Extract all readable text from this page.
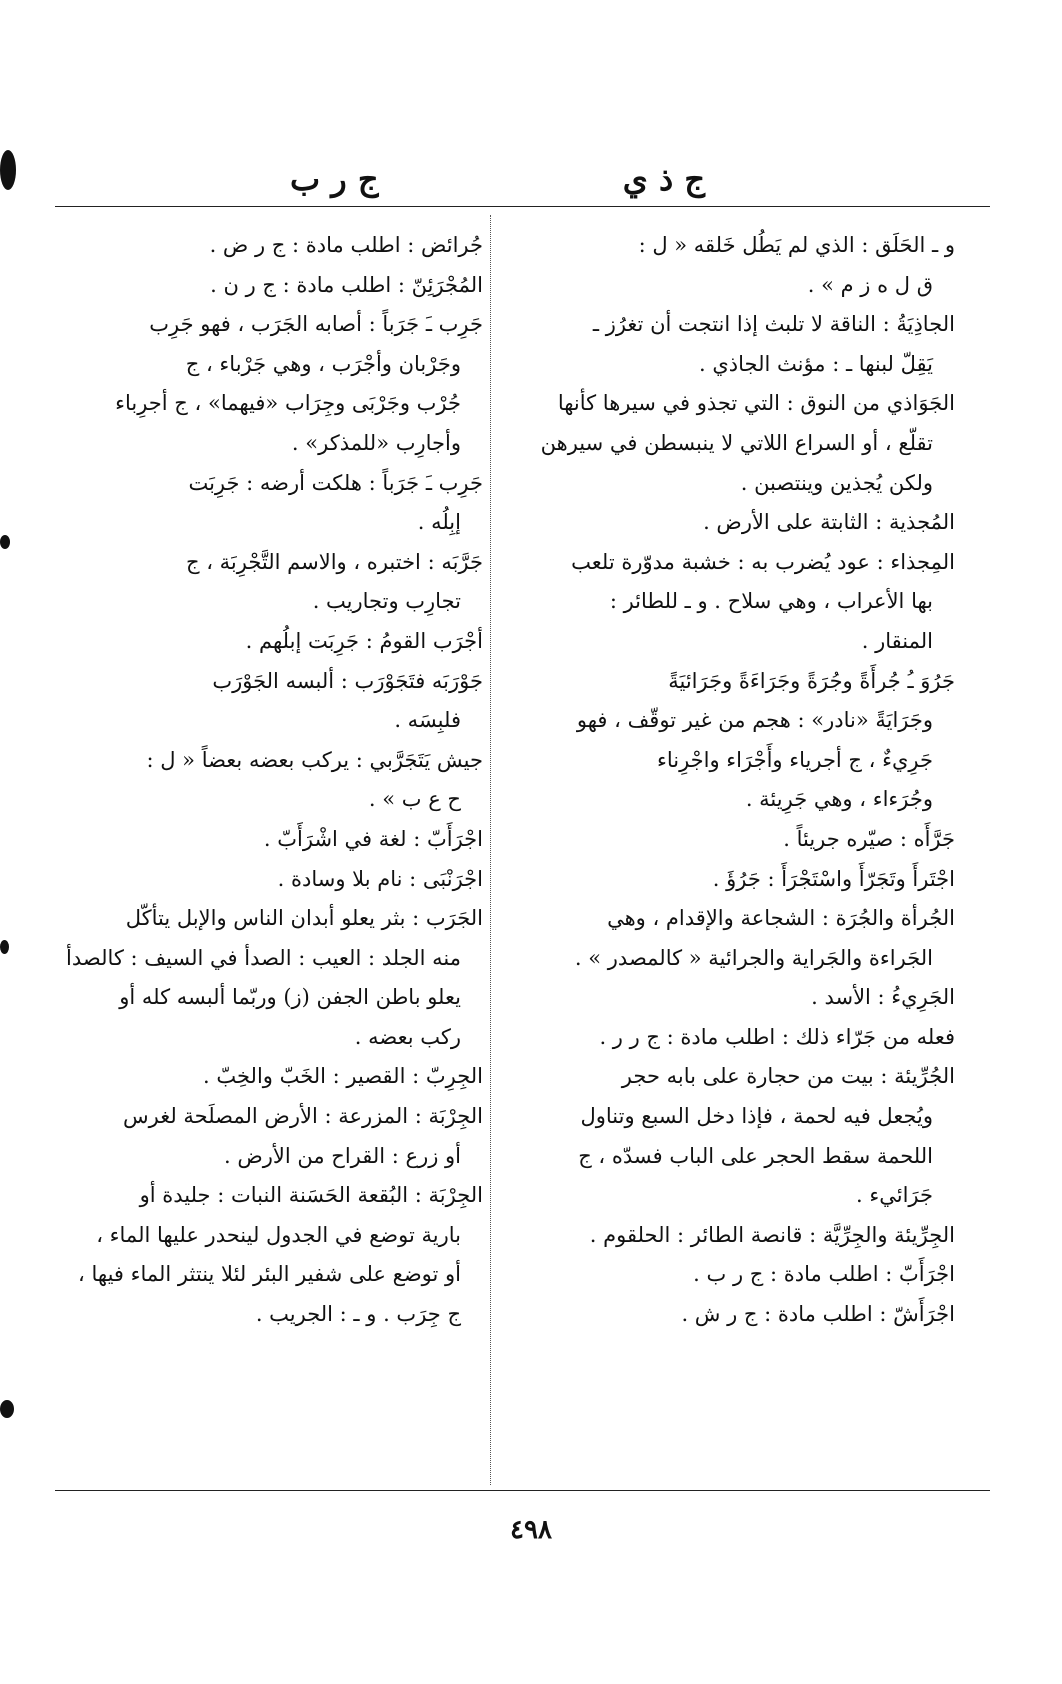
ج ذ ي
ج ر ب
و ـ الحَلَق : الذي لم يَطُل خَلقه « ل :
ق ل ه ز م » .
الجاذِيَةُ : الناقة لا تلبث إذا انتجت أن تغرُز ـ
يَقِلّ لبنها ـ : مؤنث الجاذي .
الجَوَاذي من النوق : التي تجذو في سيرها كأنها
تقلّع ، أو السراع اللاتي لا ينبسطن في سيرهن
ولكن يُجذين وينتصبن .
المُجذية : الثابتة على الأرض .
المِجذاء : عود يُضرب به : خشبة مدوّرة تلعب
بها الأعراب ، وهي سلاح . و ـ للطائر :
المنقار .
جَرُوَ ـُ جُرأَةً وجُرَةً وجَرَاءَةً وجَرَائيَةً
وجَرَايَةً «نادر» : هجم من غير توقّف ، فهو
جَرِيءٌ ، ج أجرياء وأَجْرَاء واجْرِناء
وجُرَءاء ، وهي جَرِيئة .
جَرَّأَه : صيّره جريئاً .
اجْتَرأَ وتَجَرّأَ واسْتَجْرَأَ : جَرُؤَ .
الجُرأة والجُرَة : الشجاعة والإقدام ، وهي
الجَراءة والجَراية والجرائية « كالمصدر » .
الجَرِيءُ : الأسد .
فعله من جَرّاء ذلك : اطلب مادة : ج ر ر .
الجُرِّيئة : بيت من حجارة على بابه حجر
ويُجعل فيه لحمة ، فإذا دخل السبع وتناول
اللحمة سقط الحجر على الباب فسدّه ، ج
جَرَائيء .
الجِرِّيئة والجِرِّيَّة : قانصة الطائر : الحلقوم .
اجْرَأَبّ : اطلب مادة : ج ر ب .
اجْرَأَشّ : اطلب مادة : ج ر ش .
جُرائض : اطلب مادة : ج ر ض .
المُجْرَئِنّ : اطلب مادة : ج ر ن .
جَرِب ـَ جَرَباً : أصابه الجَرَب ، فهو جَرِب
وجَرْبان وأجْرَب ، وهي جَرْباء ، ج
جُرْب وجَرْبَى وجِرَاب «فيهما» ، ج أجرِباء
وأجارِب «للمذكر» .
جَرِب ـَ جَرَباً : هلكت أرضه : جَرِبَت
إبِلُه .
جَرَّبَه : اختبره ، والاسم التَّجْرِبَة ، ج
تجارِب وتجاريب .
أجْرَب القومُ : جَرِبَت إبلُهم .
جَوْرَبَه فتَجَوْرَب : ألبسه الجَوْرَب
فلبِسَه .
جيش يَتَجَرَّبي : يركب بعضه بعضاً « ل :
ح ع ب » .
اجْرَأَبّ : لغة في اشْرَأَبّ .
اجْرَنْبَى : نام بلا وسادة .
الجَرَب : بثر يعلو أبدان الناس والإبل يتأكّل
منه الجلد : العيب : الصدأ في السيف : كالصدأ
يعلو باطن الجفن (ز) وربّما ألبسه كله أو
ركب بعضه .
الجِرِبّ : القصير : الخَبّ والخِبّ .
الجِرْبَة : المزرعة : الأرض المصلَحة لغرس
أو زرع : القراح من الأرض .
الجِرْبَة : البُقعة الحَسَنة النبات : جليدة أو
بارية توضع في الجدول لينحدر عليها الماء ،
أو توضع على شفير البئر لئلا ينتثر الماء فيها ،
ج جِرَب . و ـ : الجريب .
٤٩٨
